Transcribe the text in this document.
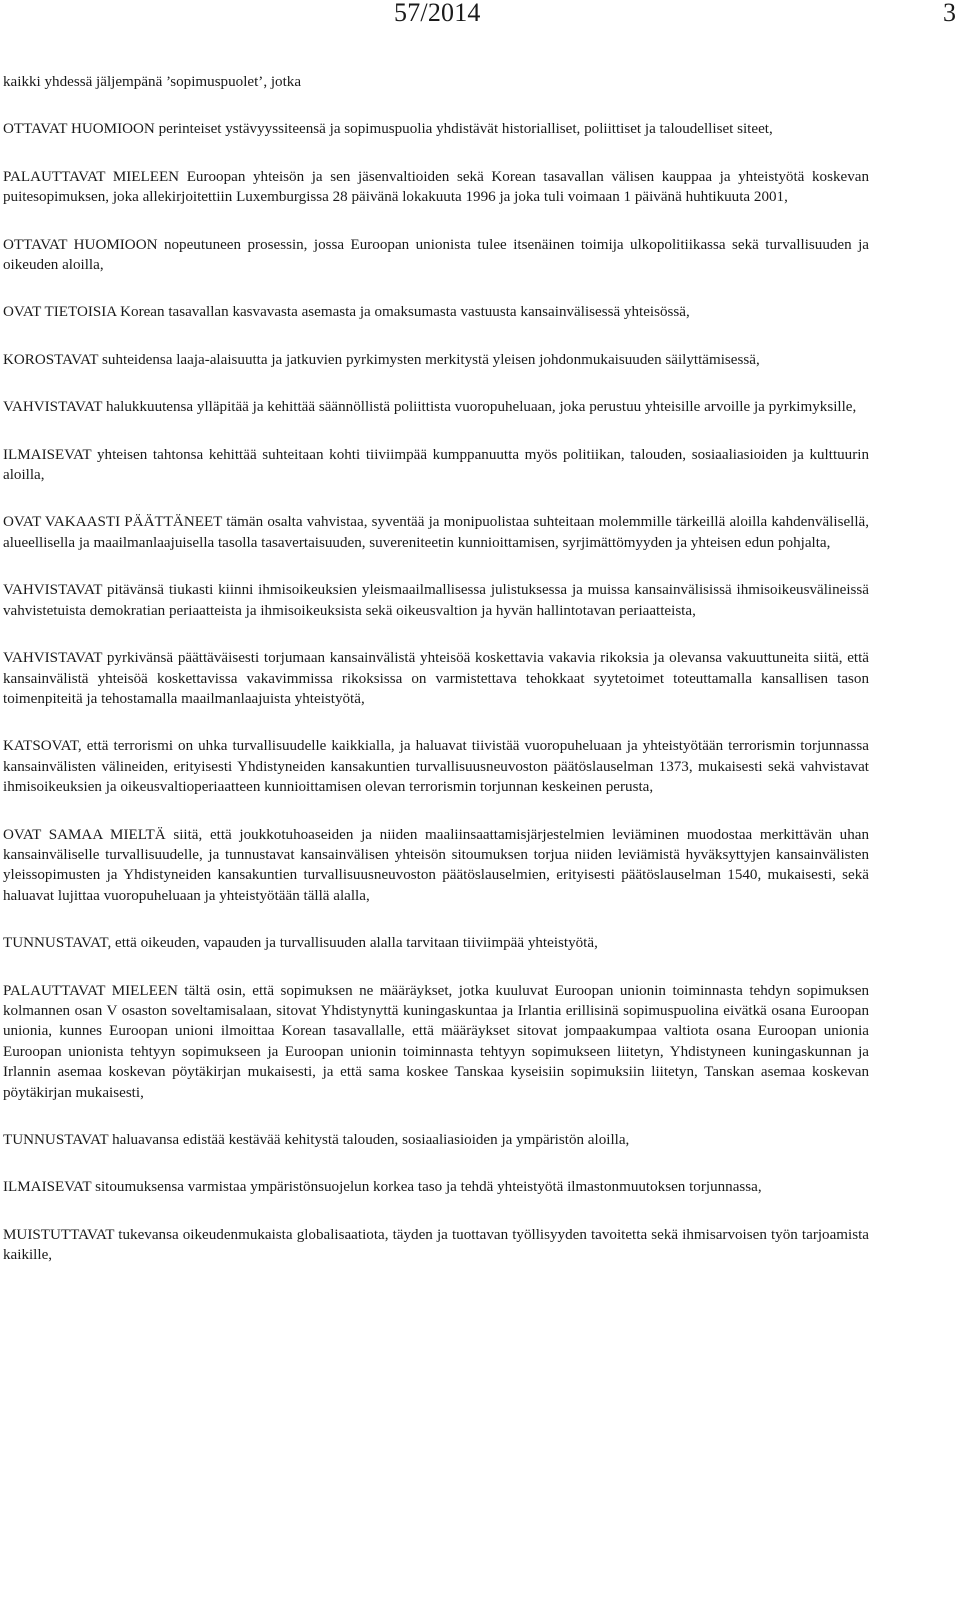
57/2014	3

kaikki yhdessä jäljempänä ’sopimuspuolet’, jotka

OTTAVAT HUOMIOON perinteiset ystävyyssiteensä ja sopimuspuolia yhdistävät historialliset, poliittiset ja taloudelliset siteet,

PALAUTTAVAT MIELEEN Euroopan yhteisön ja sen jäsenvaltioiden sekä Korean tasavallan välisen kauppaa ja yhteistyötä koskevan puitesopimuksen, joka allekirjoitettiin Luxemburgissa 28 päivänä lokakuuta 1996 ja joka tuli voimaan 1 päivänä huhtikuuta 2001,

OTTAVAT HUOMIOON nopeutuneen prosessin, jossa Euroopan unionista tulee itsenäinen toimija ulkopolitiikassa sekä turvallisuuden ja oikeuden aloilla,

OVAT TIETOISIA Korean tasavallan kasvavasta asemasta ja omaksumasta vastuusta kansainvälisessä yhteisössä,

KOROSTAVAT suhteidensa laaja-alaisuutta ja jatkuvien pyrkimysten merkitystä yleisen johdonmukaisuuden säilyttämisessä,

VAHVISTAVAT halukkuutensa ylläpitää ja kehittää säännöllistä poliittista vuoropuheluaan, joka perustuu yhteisille arvoille ja pyrkimyksille,

ILMAISEVAT yhteisen tahtonsa kehittää suhteitaan kohti tiiviimpää kumppanuutta myös politiikan, talouden, sosiaaliasioiden ja kulttuurin aloilla,

OVAT VAKAASTI PÄÄTTÄNEET tämän osalta vahvistaa, syventää ja monipuolistaa suhteitaan molemmille tärkeillä aloilla kahdenvälisellä, alueellisella ja maailmanlaajuisella tasolla tasavertaisuuden, suvereniteetin kunnioittamisen, syrjimättömyyden ja yhteisen edun pohjalta,

VAHVISTAVAT pitävänsä tiukasti kiinni ihmisoikeuksien yleismaailmallisessa julistuksessa ja muissa kansainvälisissä ihmisoikeusvälineissä vahvistetuista demokratian periaatteista ja ihmisoikeuksista sekä oikeusvaltion ja hyvän hallintotavan periaatteista,

VAHVISTAVAT pyrkivänsä päättäväisesti torjumaan kansainvälistä yhteisöä koskettavia vakavia rikoksia ja olevansa vakuuttuneita siitä, että kansainvälistä yhteisöä koskettavissa vakavimmissa rikoksissa on varmistettava tehokkaat syytetoimet toteuttamalla kansallisen tason toimenpiteitä ja tehostamalla maailmanlaajuista yhteistyötä,

KATSOVAT, että terrorismi on uhka turvallisuudelle kaikkialla, ja haluavat tiivistää vuoropuheluaan ja yhteistyötään terrorismin torjunnassa kansainvälisten välineiden, erityisesti Yhdistyneiden kansakuntien turvallisuusneuvoston päätöslauselman 1373, mukaisesti sekä vahvistavat ihmisoikeuksien ja oikeusvaltioperiaatteen kunnioittamisen olevan terrorismin torjunnan keskeinen perusta,

OVAT SAMAA MIELTÄ siitä, että joukkotuhoaseiden ja niiden maaliinsaattamisjärjestelmien leviäminen muodostaa merkittävän uhan kansainväliselle turvallisuudelle, ja tunnustavat kansainvälisen yhteisön sitoumuksen torjua niiden leviämistä hyväksyttyjen kansainvälisten yleissopimusten ja Yhdistyneiden kansakuntien turvallisuusneuvoston päätöslauselmien, erityisesti päätöslauselman 1540, mukaisesti, sekä haluavat lujittaa vuoropuheluaan ja yhteistyötään tällä alalla,

TUNNUSTAVAT, että oikeuden, vapauden ja turvallisuuden alalla tarvitaan tiiviimpää yhteistyötä,

PALAUTTAVAT MIELEEN tältä osin, että sopimuksen ne määräykset, jotka kuuluvat Euroopan unionin toiminnasta tehdyn sopimuksen kolmannen osan V osaston soveltamisalaan, sitovat Yhdistynyttä kuningaskuntaa ja Irlantia erillisinä sopimuspuolina eivätkä osana Euroopan unionia, kunnes Euroopan unioni ilmoittaa Korean tasavallalle, että määräykset sitovat jompaakumpaa valtiota osana Euroopan unionia Euroopan unionista tehtyyn sopimukseen ja Euroopan unionin toiminnasta tehtyyn sopimukseen liitetyn, Yhdistyneen kuningaskunnan ja Irlannin asemaa koskevan pöytäkirjan mukaisesti, ja että sama koskee Tanskaa kyseisiin sopimuksiin liitetyn, Tanskan asemaa koskevan pöytäkirjan mukaisesti,

TUNNUSTAVAT haluavansa edistää kestävää kehitystä talouden, sosiaaliasioiden ja ympäristön aloilla,

ILMAISEVAT sitoumuksensa varmistaa ympäristönsuojelun korkea taso ja tehdä yhteistyötä ilmastonmuutoksen torjunnassa,

MUISTUTTAVAT tukevansa oikeudenmukaista globalisaatiota, täyden ja tuottavan työllisyyden tavoitetta sekä ihmisarvoisen työn tarjoamista kaikille,
